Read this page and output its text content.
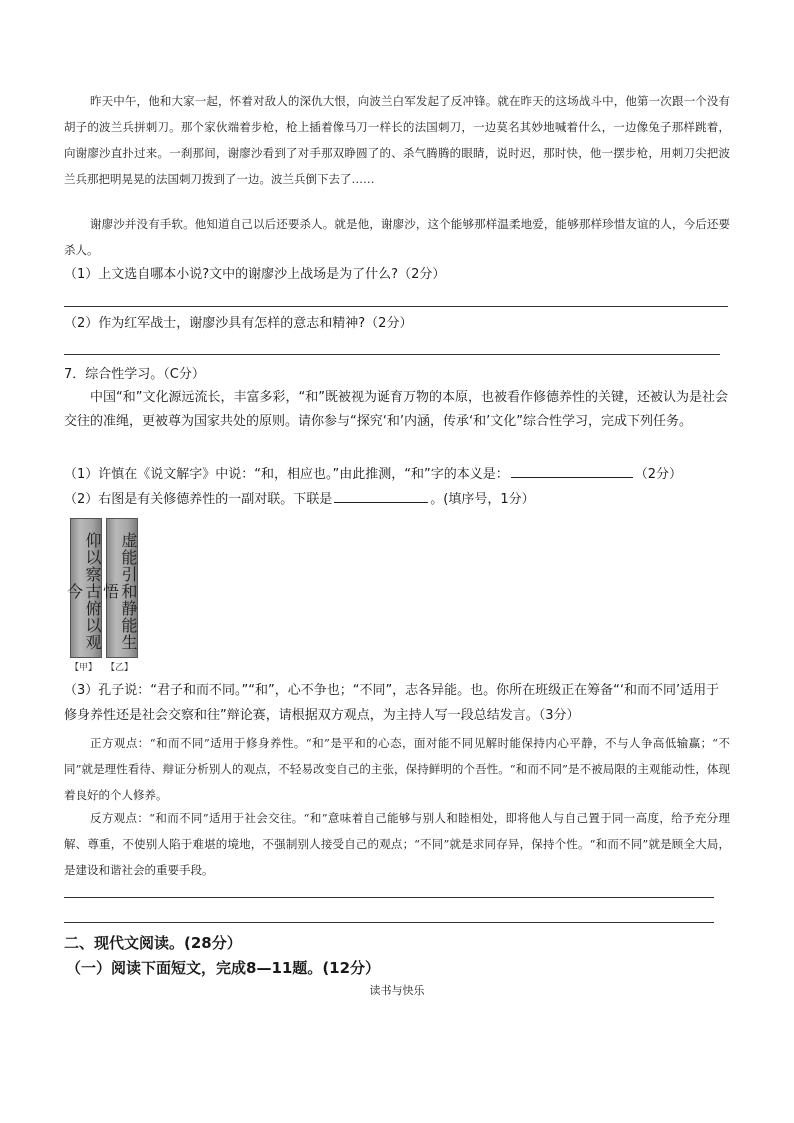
昨天中午，他和大家一起，怀着对敌人的深仇大恨，向波兰白军发起了反冲锋。就在昨天的这场战斗中，他第一次跟一个没有胡子的波兰兵拼刺刀。那个家伙端着步枪，枪上插着像马刀一样长的法国刺刀，一边莫名其妙地喊着什么，一边像兔子那样跳着，向谢廖沙直扑过来。一刹那间，谢廖沙看到了对手那双睁圆了的、杀气腾腾的眼睛，说时迟，那时快，他一摆步枪，用刺刀尖把波兰兵那把明晃晃的法国刺刀拨到了一边。波兰兵倒下去了……
谢廖沙并没有手软。他知道自己以后还要杀人。就是他，谢廖沙，这个能够那样温柔地爱，能够那样珍惜友谊的人，今后还要杀人。
（1）上文选自哪本小说?文中的谢廖沙上战场是为了什么?（2分）
（2）作为红军战士，谢廖沙具有怎样的意志和精神?（2分）
7．综合性学习。（C分）
中国“和”文化源远流长，丰富多彩，“和”既被视为诞育万物的本原，也被看作修德养性的关键，还被认为是社会交往的准绳，更被尊为国家共处的原则。请你参与“探究‘和’内涵，传承‘和’文化”综合性学习，完成下列任务。
（1）许慎在《说文解字》中说：“和，相应也。”由此推测，“和”字的本义是：	（2分）
（2）右图是有关修德养性的一副对联。下联是	。(填序号，1分）
仰以察古俯以观今	虚能引和静能生悟
【甲】 【乙】
（3）孔子说：“君子和而不同。”“和”，心不争也；“不同”，志各异能。也。你所在班级正在筹备“‘和而不同’适用于修身养性还是社会交察和往”辩论赛，请根据双方观点，为主持人写一段总结发言。（3分）
正方观点：“和而不同”适用于修身养性。“和”是平和的心态，面对能不同见解时能保持内心平静，不与人争高低输赢；“不同”就是理性看待、辩证分析别人的观点，不轻易改变自己的主张，保持鲜明的个吾性。“和而不同”是不被局限的主观能动性，体现着良好的个人修养。
反方观点：“和而不同”适用于社会交往。“和”意味着自己能够与别人和睦相处，即将他人与自己置于同一高度，给予充分理解、尊重，不使别人陷于难堪的境地，不强制别人接受自己的观点；“不同”就是求同存异，保持个性。“和而不同”就是顾全大局，是建设和谐社会的重要手段。
二、现代文阅读。(28分）
（一）阅读下面短文，完成8—11题。(12分）
读书与快乐
